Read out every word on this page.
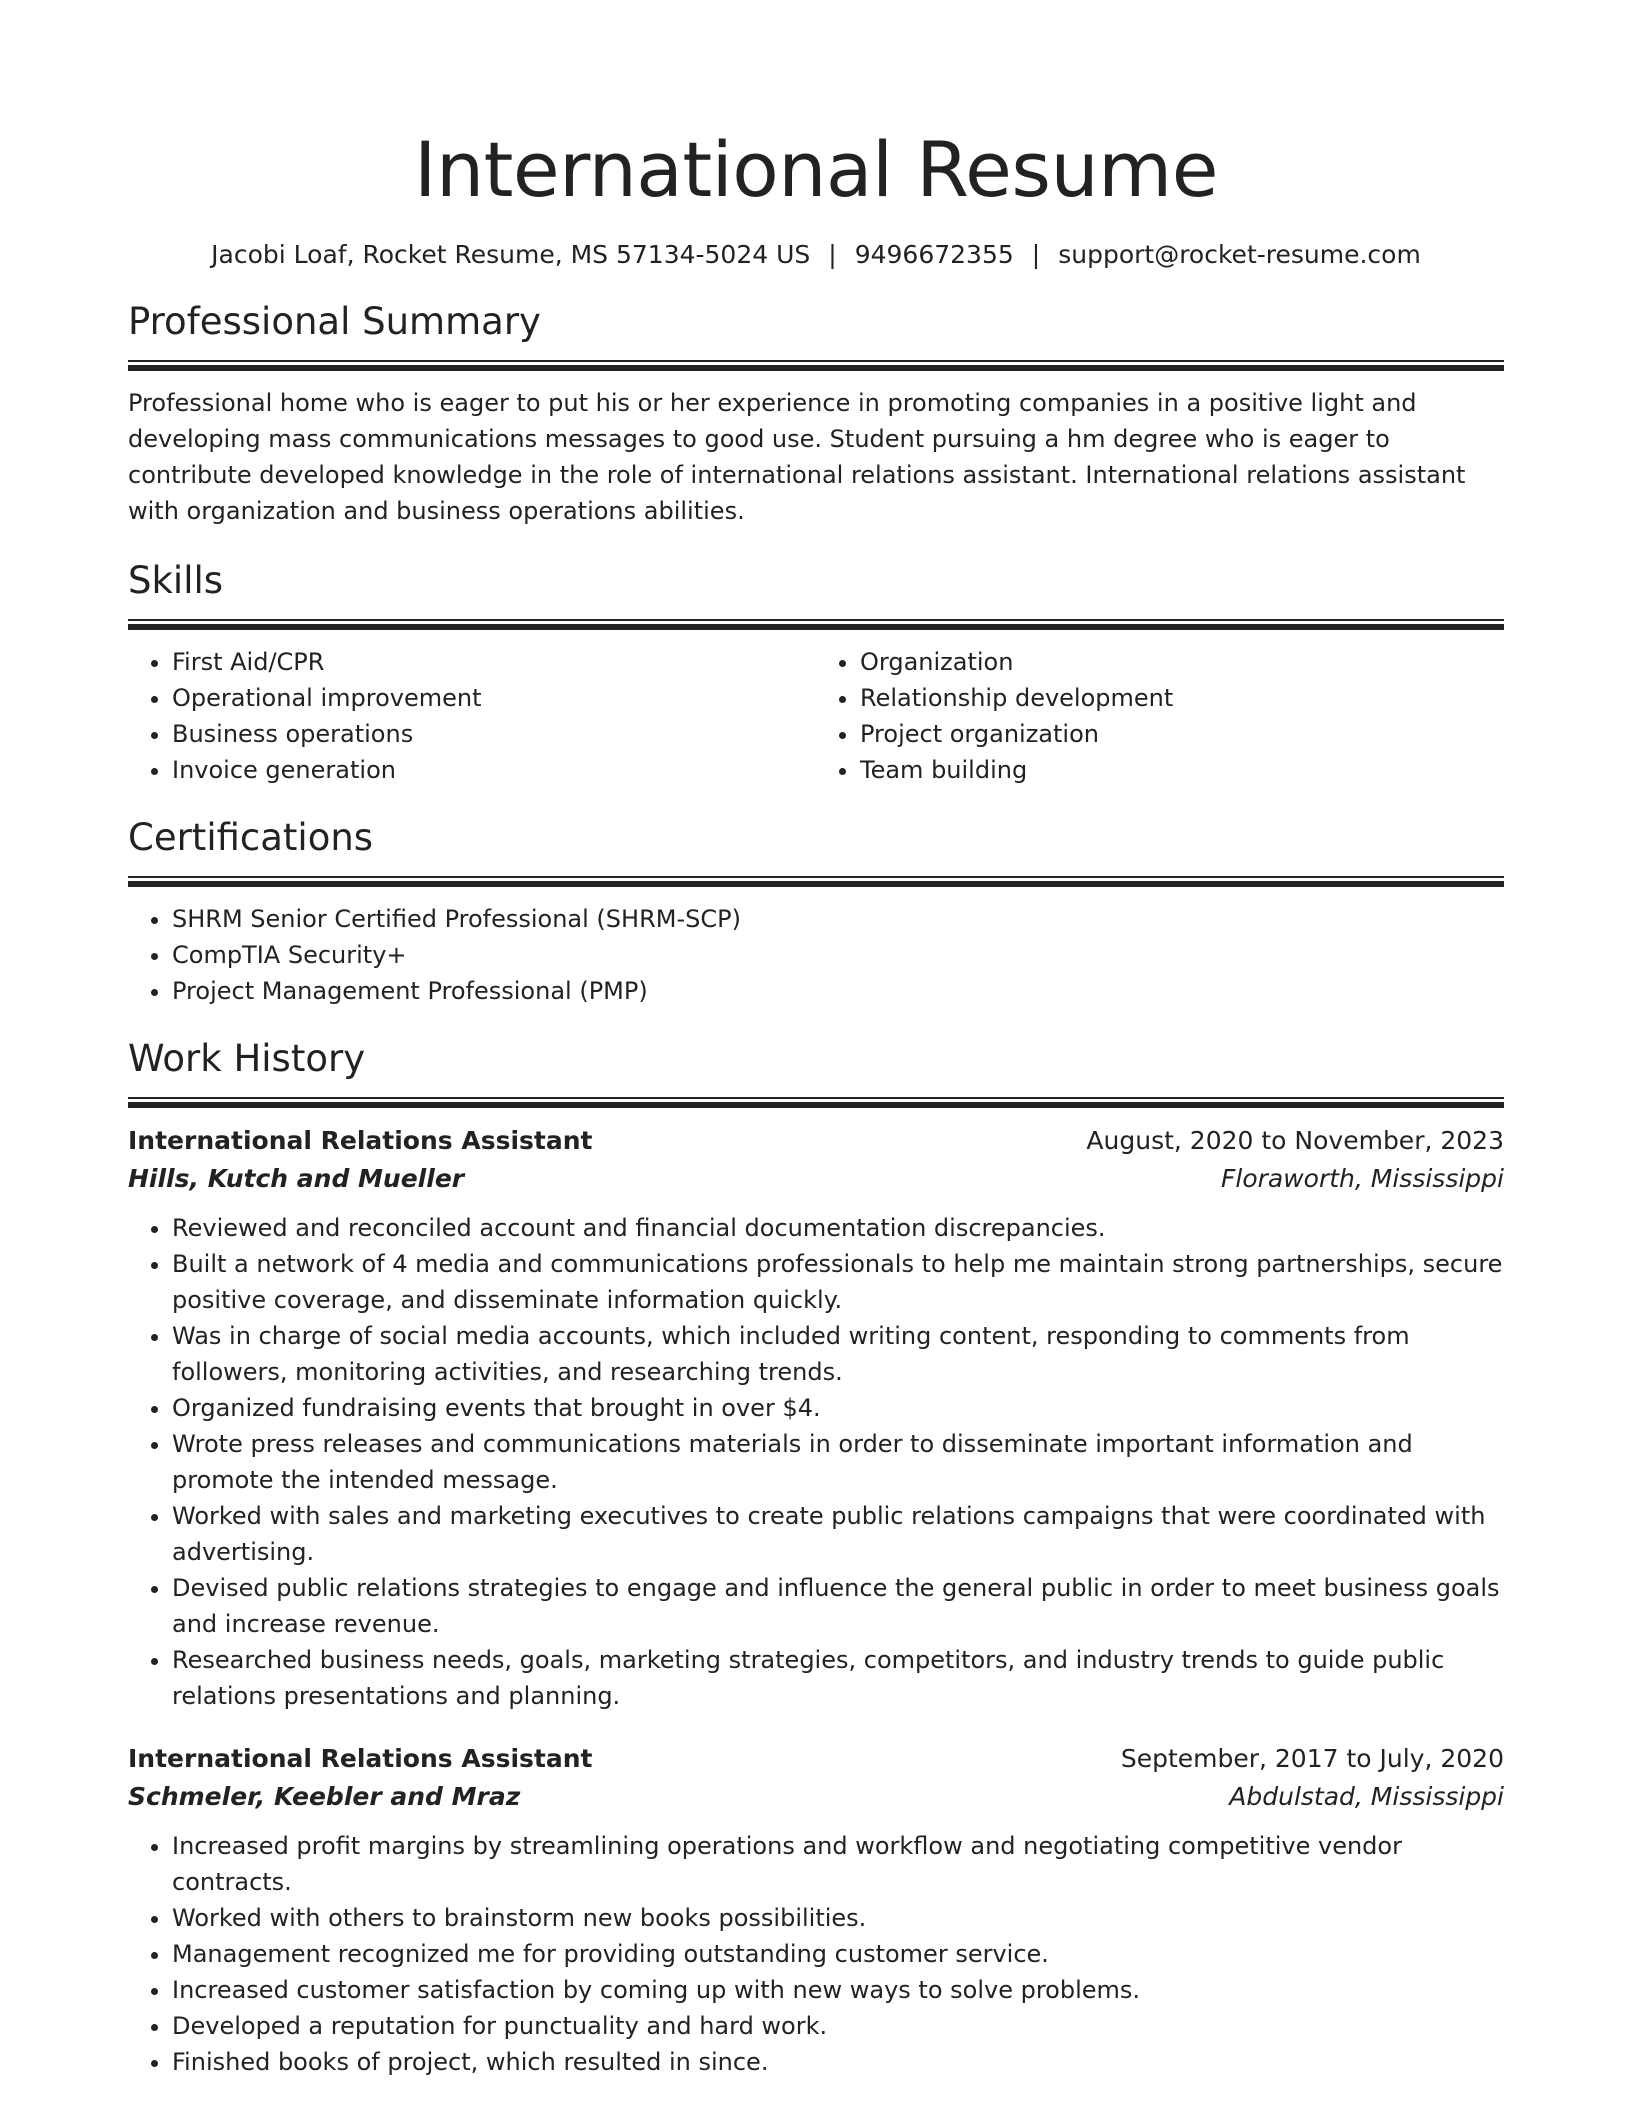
International Resume
Jacobi Loaf, Rocket Resume, MS 57134-5024 US | 9496672355 | support@rocket-resume.com
Professional Summary

Professional home who is eager to put his or her experience in promoting companies in a positive light and developing mass communications messages to good use. Student pursuing a hm degree who is eager to contribute developed knowledge in the role of international relations assistant. International relations assistant with organization and business operations abilities.

Skills
• First Aid/CPR
• Operational improvement
• Business operations
• Invoice generation
• Organization
• Relationship development
• Project organization
• Team building
Certifications
• SHRM Senior Certified Professional (SHRM-SCP)
• CompTIA Security+
• Project Management Professional (PMP)
Work History
International Relations Assistant	August, 2020 to November, 2023
Hills, Kutch and Mueller	Floraworth, Mississippi
• Reviewed and reconciled account and financial documentation discrepancies.
• Built a network of 4 media and communications professionals to help me maintain strong partnerships, secure positive coverage, and disseminate information quickly.
• Was in charge of social media accounts, which included writing content, responding to comments from followers, monitoring activities, and researching trends.
• Organized fundraising events that brought in over $4.
• Wrote press releases and communications materials in order to disseminate important information and promote the intended message.
• Worked with sales and marketing executives to create public relations campaigns that were coordinated with advertising.
• Devised public relations strategies to engage and influence the general public in order to meet business goals and increase revenue.
• Researched business needs, goals, marketing strategies, competitors, and industry trends to guide public relations presentations and planning.
International Relations Assistant	September, 2017 to July, 2020
Schmeler, Keebler and Mraz	Abdulstad, Mississippi
• Increased profit margins by streamlining operations and workflow and negotiating competitive vendor contracts.
• Worked with others to brainstorm new books possibilities.
• Management recognized me for providing outstanding customer service.
• Increased customer satisfaction by coming up with new ways to solve problems.
• Developed a reputation for punctuality and hard work.
• Finished books of project, which resulted in since.
